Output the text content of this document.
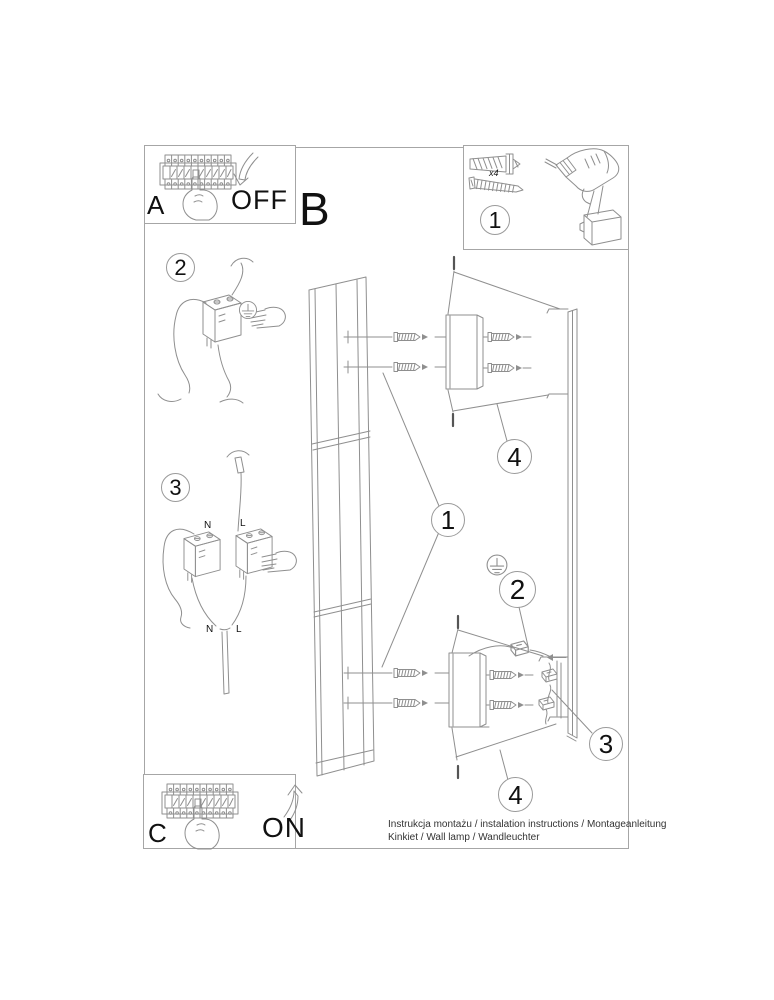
A OFF B
x4
C	ON
N	L
N L
1
2
3
1
4
2
3
4
Instrukcja montażu / instalation instructions / Montageanleitung
Kinkiet / Wall lamp / Wandleuchter
